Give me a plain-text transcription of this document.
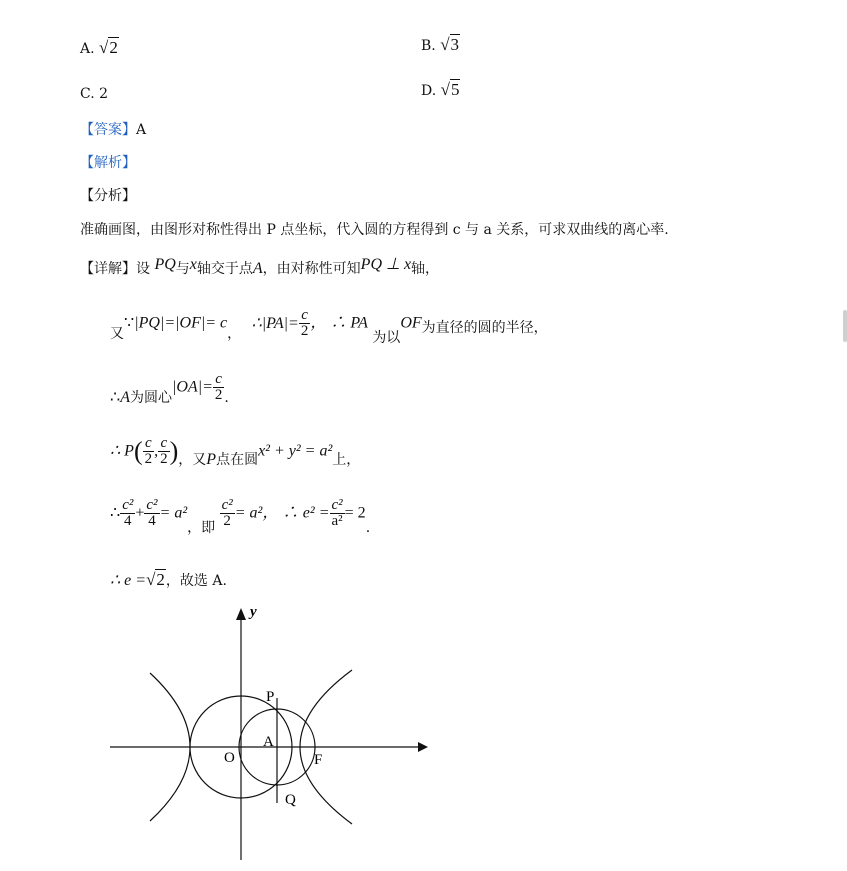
A. √2	B. √3
C. 2	D. √5
【答案】A
【解析】
【分析】
准确画图，由图形对称性得出 P 点坐标，代入圆的方程得到 c 与 a 关系，可求双曲线的离心率.
【详解】设 PQ与x轴交于点A，由对称性可知PQ ⊥ x轴，
又∵|PQ|=|OF|= c， ∴|PA|= $\frac{c}{2}$ ， ∴ PA 为以OF为直径的圆的半径，
∴A为圆心$|OA|= \frac{c}{2}$ .
∴ $P( \frac{c}{2}$ , $\frac{c}{2}$ )，又P点在圆x² + y² = a²上，
∴ $\frac{\text{c²}}{4} + \frac{\text{c²}}{4} = a^2$，即 $\frac{\text{c²}}{2} = a^2$， ∴ $e^2 = \frac{\text{c²}}{\text{a²}} = 2$.
∴ e =√2，故选 A.
y
P
A
O	F
Q
